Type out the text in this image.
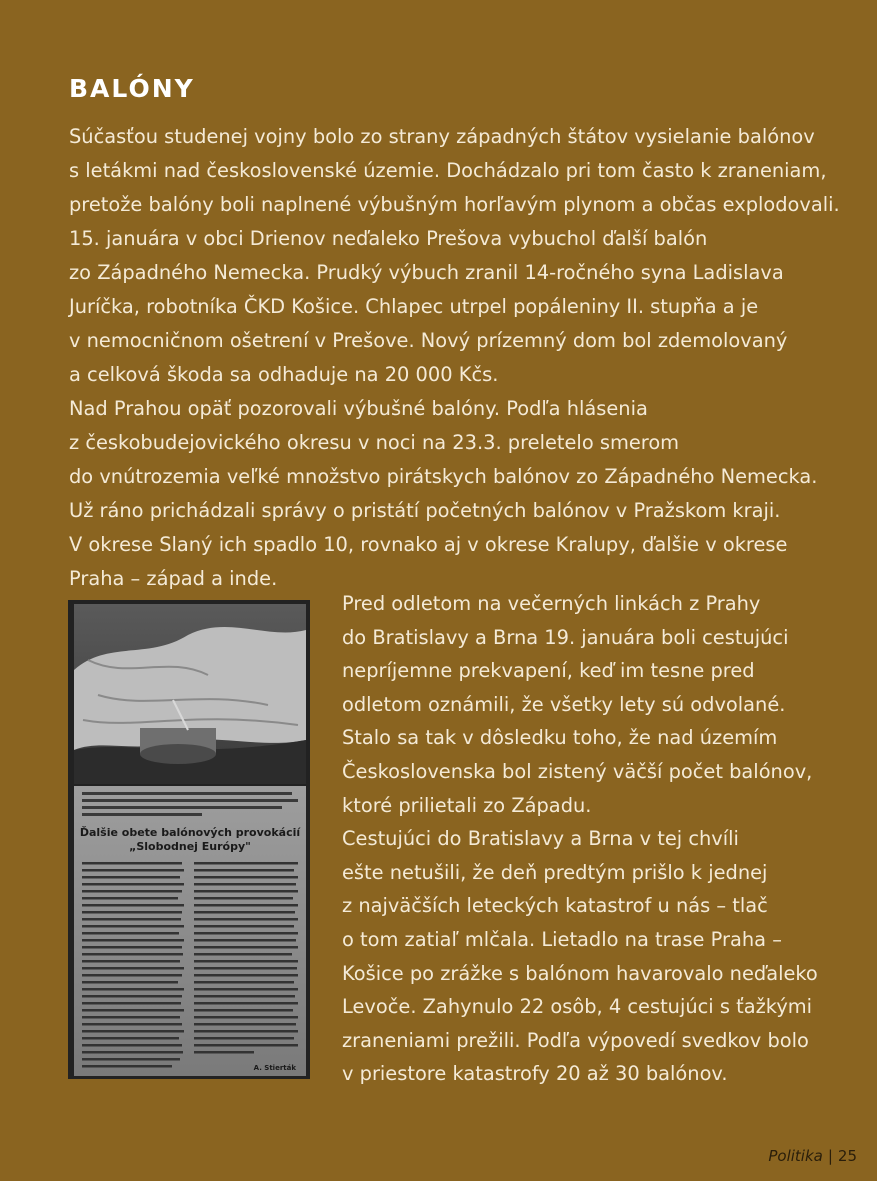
BALÓNY
Súčasťou studenej vojny bolo zo strany západných štátov vysielanie balónov
s letákmi nad československé územie. Dochádzalo pri tom často k zraneniam,
pretože balóny boli naplnené výbušným horľavým plynom a občas explodovali.
15. januára v obci Drienov neďaleko Prešova vybuchol ďalší balón
zo Západného Nemecka. Prudký výbuch zranil 14-ročného syna Ladislava
Juríčka, robotníka ČKD Košice. Chlapec utrpel popáleniny II. stupňa a je
v nemocničnom ošetrení v Prešove. Nový prízemný dom bol zdemolovaný
a celková škoda sa odhaduje na 20 000 Kčs.
Nad Prahou opäť pozorovali výbušné balóny. Podľa hlásenia
z českobudejovického okresu v noci na 23.3. preletelo smerom
do vnútrozemia veľké množstvo pirátskych balónov zo Západného Nemecka.
Už ráno prichádzali správy o pristátí početných balónov v Pražskom kraji.
V okrese Slaný ich spadlo 10, rovnako aj v okrese Kralupy, ďalšie v okrese
Praha – západ a inde.
Ďalšie obete balónových provokácií
„Slobodnej Európy"
A. Stierták
Pred odletom na večerných linkách z Prahy
do Bratislavy a Brna 19. januára boli cestujúci
nepríjemne prekvapení, keď im tesne pred
odletom oznámili, že všetky lety sú odvolané.
Stalo sa tak v dôsledku toho, že nad územím
Československa bol zistený väčší počet balónov,
ktoré prilietali zo Západu.
Cestujúci do Bratislavy a Brna v tej chvíli
ešte netušili, že deň predtým prišlo k jednej
z najväčších leteckých katastrof u nás – tlač
o tom zatiaľ mlčala. Lietadlo na trase Praha –
Košice po zrážke s balónom havarovalo neďaleko
Levoče. Zahynulo 22 osôb, 4 cestujúci s ťažkými
zraneniami prežili. Podľa výpovedí svedkov bolo
v priestore katastrofy 20 až 30 balónov.
Politika | 25
